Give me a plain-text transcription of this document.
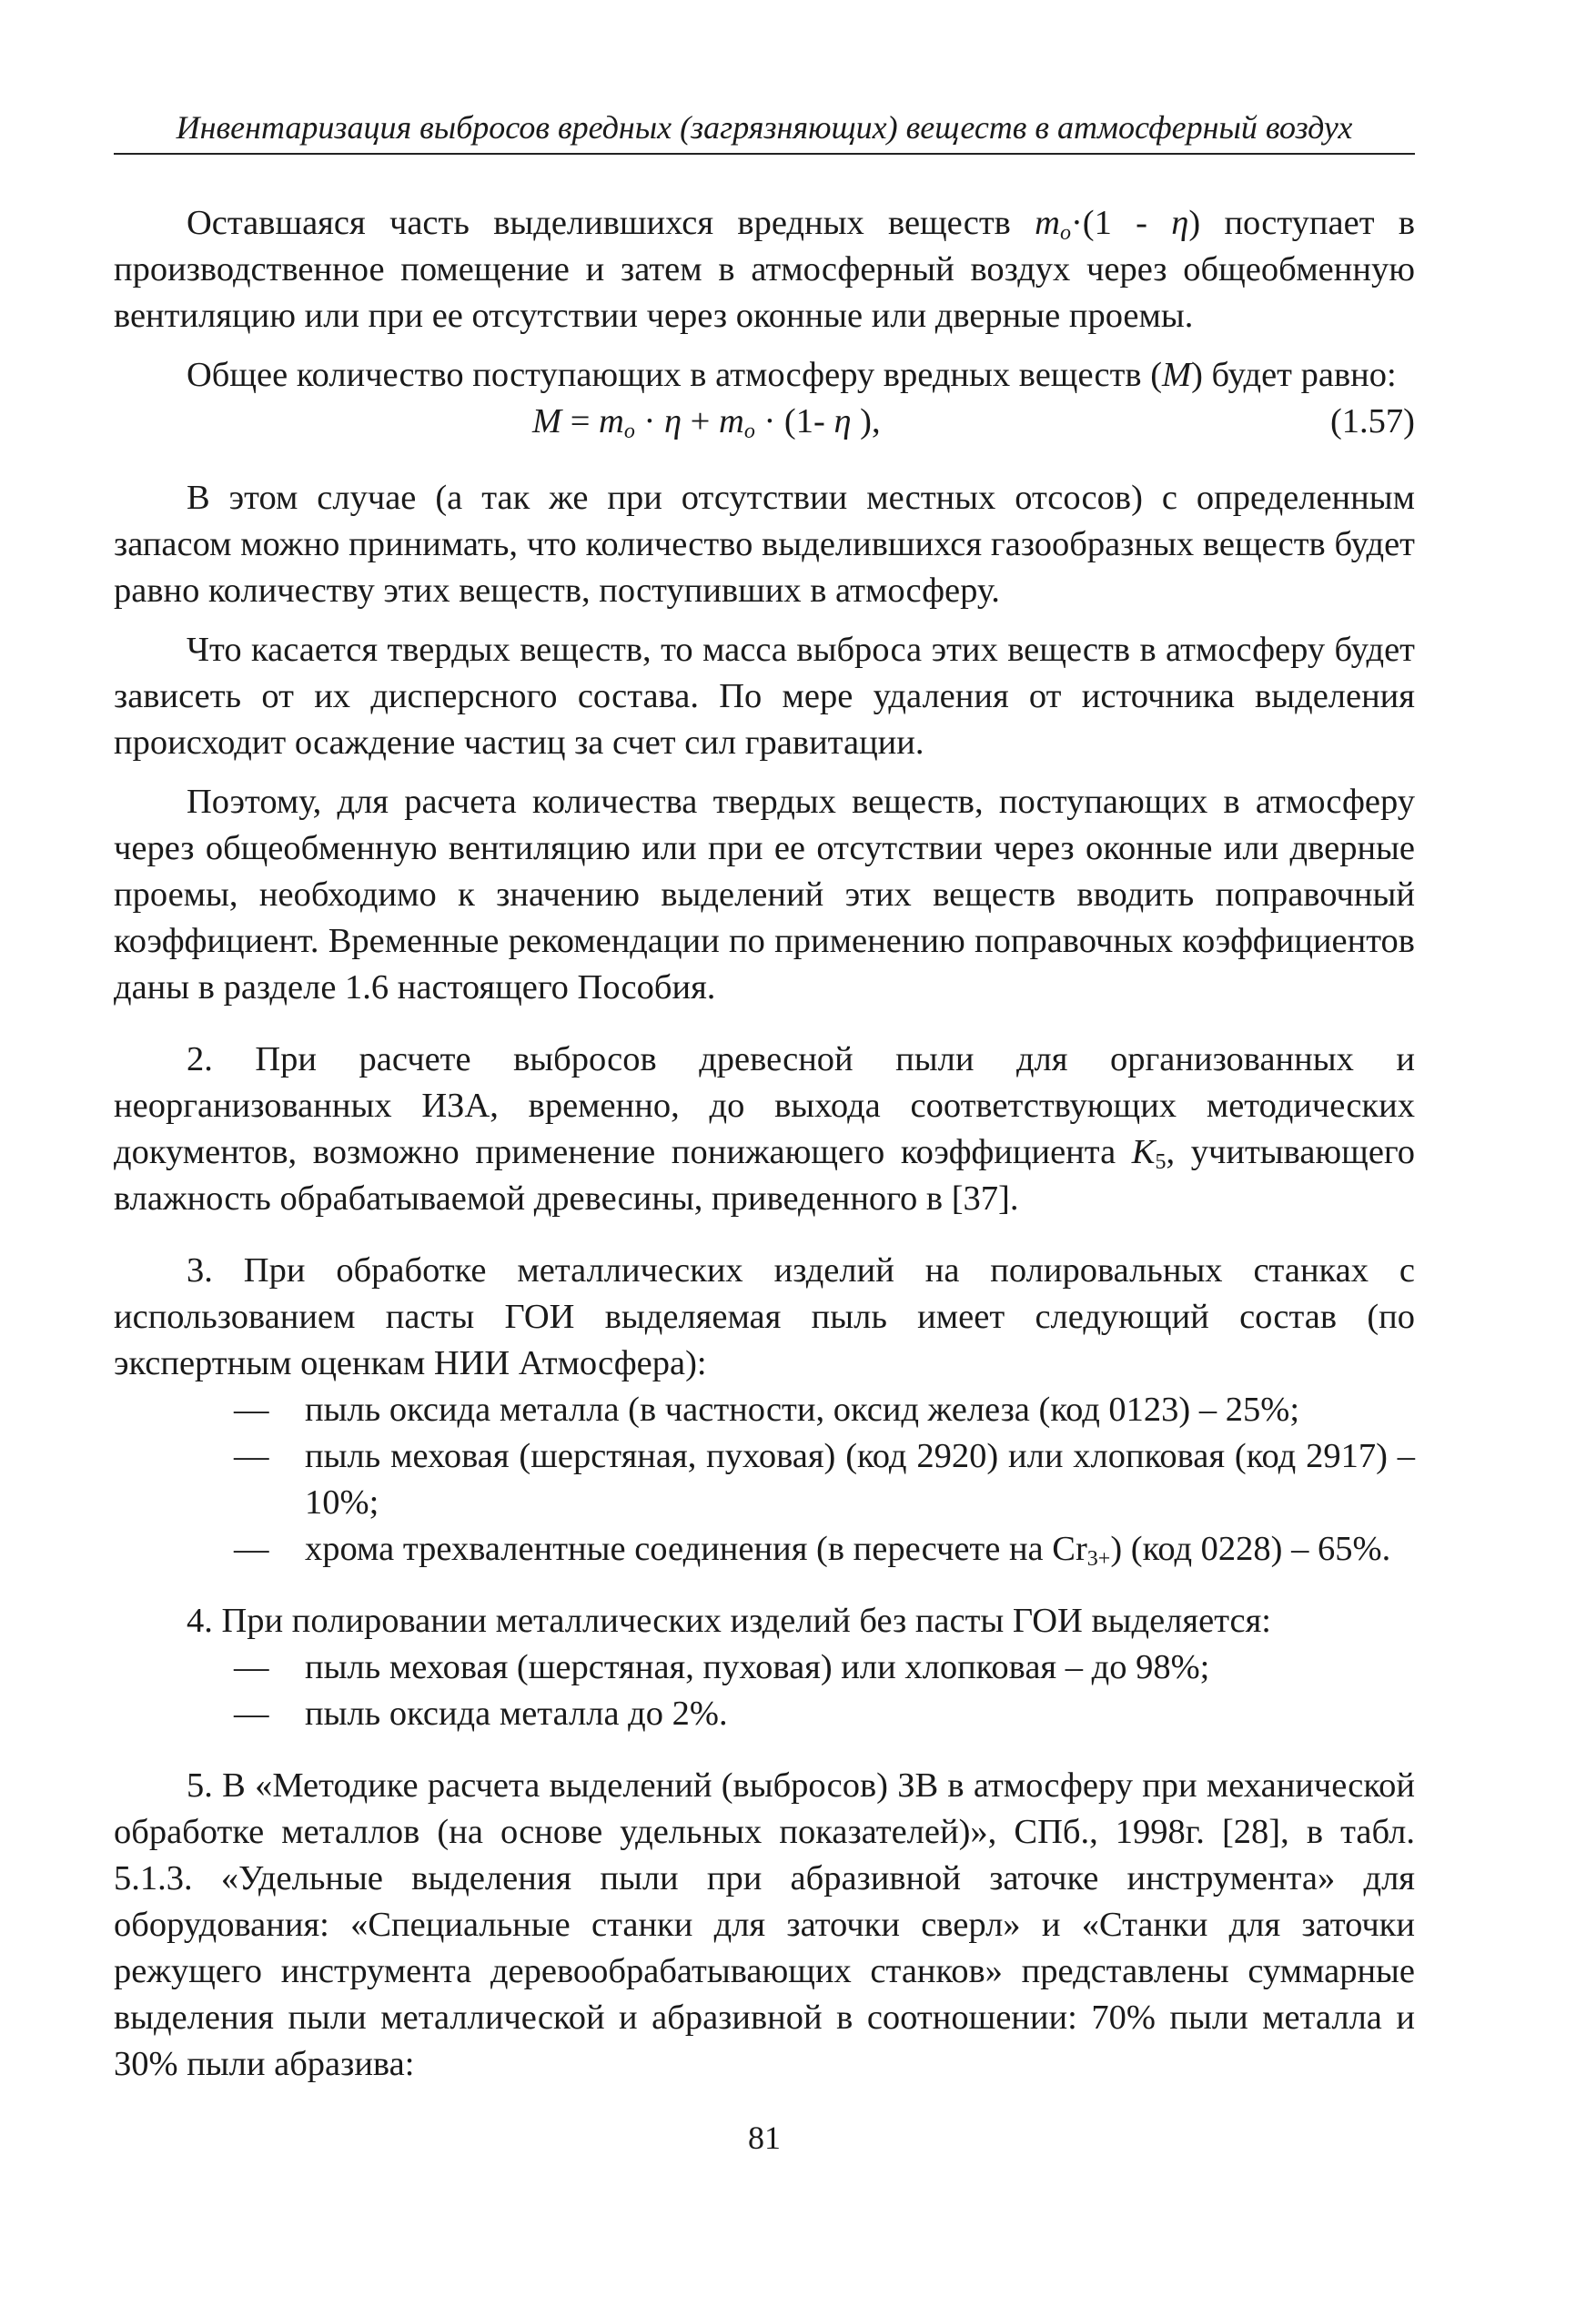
Инвентаризация выбросов вредных (загрязняющих) веществ в атмосферный воздух

Оставшаяся часть выделившихся вредных веществ $m_o\cdot(1 - \eta)$ поступает в производственное помещение и затем в атмосферный воздух через общеобменную вентиляцию или при ее отсутствии через оконные или дверные проемы.

Общее количество поступающих в атмосферу вредных веществ (М) будет равно:

$M = m_o \cdot \eta + m_o \cdot (1-$ η ),	(1.57)

В этом случае (а так же при отсутствии местных отсосов) с определенным запасом можно принимать, что количество выделившихся газообразных веществ будет равно количеству этих веществ, поступивших в атмосферу.

Что касается твердых веществ, то масса выброса этих веществ в атмосферу будет зависеть от их дисперсного состава. По мере удаления от источника выделения происходит осаждение частиц за счет сил гравитации.

Поэтому, для расчета количества твердых веществ, поступающих в атмосферу через общеобменную вентиляцию или при ее отсутствии через оконные или дверные проемы, необходимо к значению выделений этих веществ вводить поправочный коэффициент. Временные рекомендации по применению поправочных коэффициентов даны в разделе 1.6 настоящего Пособия.

2. При расчете выбросов древесной пыли для организованных и неорганизованных ИЗА, временно, до выхода соответствующих методических документов, возможно применение понижающего коэффициента $K_5$, учитывающего влажность обрабатываемой древесины, приведенного в [37].

3. При обработке металлических изделий на полировальных станках с использованием пасты ГОИ выделяемая пыль имеет следующий состав (по экспертным оценкам НИИ Атмосфера):

— пыль оксида металла (в частности, оксид железа (код 0123) – 25%;
— пыль меховая (шерстяная, пуховая) (код 2920) или хлопковая (код 2917) – 10%;
— хрома трехвалентные соединения (в пересчете на $Cr_{3+}$) (код 0228) – 65%.

4. При полировании металлических изделий без пасты ГОИ выделяется:

— пыль меховая (шерстяная, пуховая) или хлопковая – до 98%;
— пыль оксида металла до 2%.

5. В «Методике расчета выделений (выбросов) ЗВ в атмосферу при механической обработке металлов (на основе удельных показателей)», СПб., 1998г. [28], в табл. 5.1.3. «Удельные выделения пыли при абразивной заточке инструмента» для оборудования: «Специальные станки для заточки сверл» и «Станки для заточки режущего инструмента деревообрабатывающих станков» представлены суммарные выделения пыли металлической и абразивной в соотношении: 70% пыли металла и 30% пыли абразива:

81
